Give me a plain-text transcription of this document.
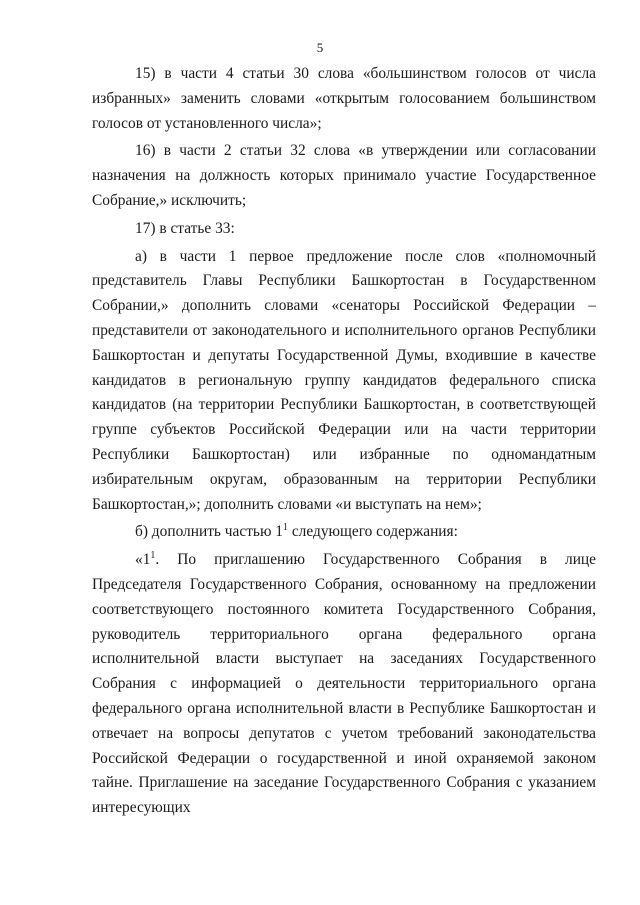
5

15) в части 4 статьи 30 слова «большинством голосов от числа избранных» заменить словами «открытым голосованием большинством голосов от установленного числа»;

16) в части 2 статьи 32 слова «в утверждении или согласовании назначения на должность которых принимало участие Государственное Собрание,» исключить;

17) в статье 33:

а) в части 1 первое предложение после слов «полномочный представитель Главы Республики Башкортостан в Государственном Собрании,» дополнить словами «сенаторы Российской Федерации – представители от законодательного и исполнительного органов Республики Башкортостан и депутаты Государственной Думы, входившие в качестве кандидатов в региональную группу кандидатов федерального списка кандидатов (на территории Республики Башкортостан, в соответствующей группе субъектов Российской Федерации или на части территории Республики Башкортостан) или избранные по одномандатным избирательным округам, образованным на территории Республики Башкортостан,»; дополнить словами «и выступать на нем»;

б) дополнить частью $1^1$ следующего содержания:

«$1^1$. По приглашению Государственного Собрания в лице Председателя Государственного Собрания, основанному на предложении соответствующего постоянного комитета Государственного Собрания, руководитель территориального органа федерального органа исполнительной власти выступает на заседаниях Государственного Собрания с информацией о деятельности территориального органа федерального органа исполнительной власти в Республике Башкортостан и отвечает на вопросы депутатов с учетом требований законодательства Российской Федерации о государственной и иной охраняемой законом тайне. Приглашение на заседание Государственного Собрания с указанием интересующих
